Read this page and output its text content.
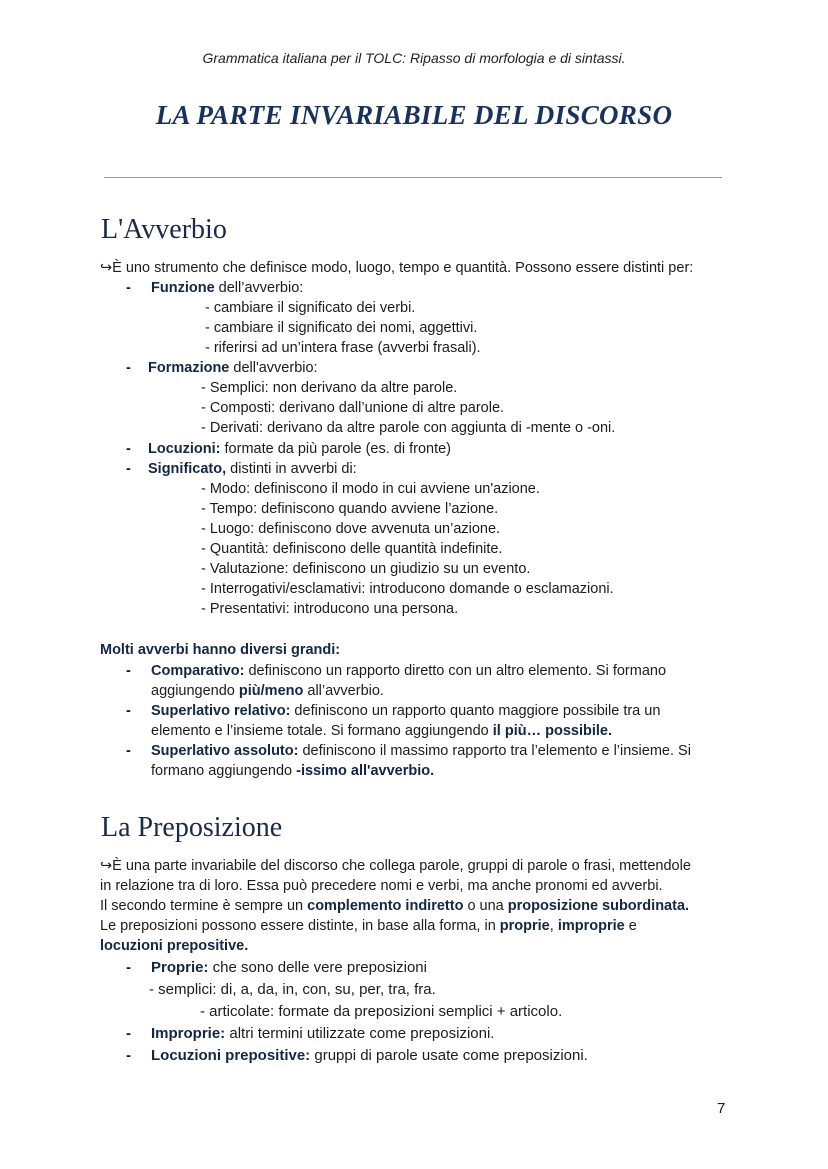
Grammatica italiana per il TOLC: Ripasso di morfologia e di sintassi.
LA PARTE INVARIABILE DEL DISCORSO
L'Avverbio
↪È uno strumento che definisce modo, luogo, tempo e quantità. Possono essere distinti per:
- Funzione dell’avverbio:
- cambiare il significato dei verbi.
- cambiare il significato dei nomi, aggettivi.
- riferirsi ad un’intera frase (avverbi frasali).
- Formazione dell'avverbio:
- Semplici: non derivano da altre parole.
- Composti: derivano dall’unione di altre parole.
- Derivati: derivano da altre parole con aggiunta di -mente o -oni.
- Locuzioni: formate da più parole (es. di fronte)
- Significato, distinti in avverbi di:
- Modo: definiscono il modo in cui avviene un'azione.
- Tempo: definiscono quando avviene l’azione.
- Luogo: definiscono dove avvenuta un’azione.
- Quantità: definiscono delle quantità indefinite.
- Valutazione: definiscono un giudizio su un evento.
- Interrogativi/esclamativi: introducono domande o esclamazioni.
- Presentativi: introducono una persona.
Molti avverbi hanno diversi grandi:
- Comparativo: definiscono un rapporto diretto con un altro elemento. Si formano
aggiungendo più/meno all’avverbio.
- Superlativo relativo: definiscono un rapporto quanto maggiore possibile tra un
elemento e l’insieme totale. Si formano aggiungendo il più… possibile.
- Superlativo assoluto: definiscono il massimo rapporto tra l’elemento e l’insieme. Si
formano aggiungendo -issimo all'avverbio.
La Preposizione
↪È una parte invariabile del discorso che collega parole, gruppi di parole o frasi, mettendole
in relazione tra di loro. Essa può precedere nomi e verbi, ma anche pronomi ed avverbi.
Il secondo termine è sempre un complemento indiretto o una proposizione subordinata.
Le preposizioni possono essere distinte, in base alla forma, in proprie, improprie e
locuzioni prepositive.
- Proprie: che sono delle vere preposizioni
- semplici: di, a, da, in, con, su, per, tra, fra.
- articolate: formate da preposizioni semplici + articolo.
- Improprie: altri termini utilizzate come preposizioni.
- Locuzioni prepositive: gruppi di parole usate come preposizioni.
7
